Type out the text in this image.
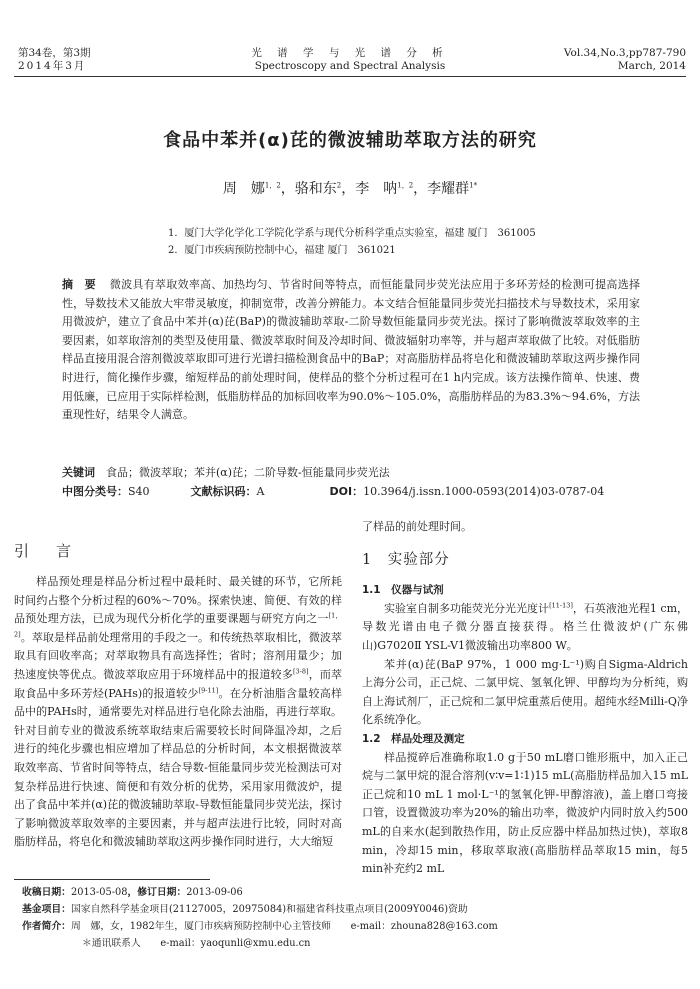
第34卷，第3期
2014年3月
光 谱 学 与 光 谱 分 析
Spectroscopy and Spectral Analysis
Vol.34,No.3,pp787-790
March, 2014
食品中苯并(α)芘的微波辅助萃取方法的研究
周　娜$^{1,2}$，骆和东$^2$，李　呐$^{1,2}$，李耀群$^{1*}$
1．厦门大学化学化工学院化学系与现代分析科学重点实验室，福建 厦门　361005
2．厦门市疾病预防控制中心，福建 厦门　361021
摘　要 微波具有萃取效率高、加热均匀、节省时间等特点，而恒能量同步荧光法应用于多环芳烃的检测可提高选择性，导数技术又能放大牢带灵敏度，抑制宽带，改善分辨能力。本文结合恒能量同步荧光扫描技术与导数技术，采用家用微波炉，建立了食品中苯并(α)芘(BaP)的微波辅助萃取-二阶导数恒能量同步荧光法。探讨了影响微波萃取效率的主要因素，如萃取溶剂的类型及使用量、微波萃取时间及冷却时间、微波辐射功率等，并与超声萃取做了比较。对低脂肪样品直接用混合溶剂微波萃取即可进行光谱扫描检测食品中的BaP；对高脂肪样品将皂化和微波辅助萃取这两步操作同时进行，简化操作步骤，缩短样品的前处理时间，使样品的整个分析过程可在1 h内完成。该方法操作简单、快速、费用低廉，已应用于实际样检测，低脂肪样品的加标回收率为90.0%～105.0%，高脂肪样品的为83.3%～94.6%，方法重现性好，结果令人满意。
关键词　 食品；微波萃取；苯并(α)芘；二阶导数-恒能量同步荧光法
中图分类号：S40	文献标识码：A	DOI：10.3964/j.issn.1000-0593(2014)03-0787-04
引　言

样品预处理是样品分析过程中最耗时、最关键的环节，它所耗时间约占整个分析过程的60%～70%。探索快速、简便、有效的样品预处理方法，已成为现代分析化学的重要课题与研究方向之一[1，2]。萃取是样品前处理常用的手段之一。和传统热萃取相比，微波萃取具有回收率高；对萃取物具有高选择性；省时；溶剂用量少；加热速度快等优点。微波萃取应用于环境样品中的报道较多[3-8]，而萃取食品中多环芳烃(PAHs)的报道较少[9-11]。在分析油脂含量较高样品中的PAHs时，通常要先对样品进行皂化除去油脂，再进行萃取。针对目前专业的微波系统萃取结束后需要较长时间降温冷却，之后进行的纯化步骤也相应增加了样品总的分析时间，本文根据微波萃取效率高、节省时间等特点，结合导数-恒能量同步荧光检测法可对复杂样品进行快速、简便和有效分析的优势，采用家用微波炉，提出了食品中苯并(α)芘的微波辅助萃取-导数恒能量同步荧光法，探讨了影响微波萃取效率的主要因素，并与超声法进行比较，同时对高脂肪样品，将皂化和微波辅助萃取这两步操作同时进行，大大缩短

了样品的前处理时间。

1　实验部分
1.1　仪器与试剂

实验室自制多功能荧光分光光度计[11-13]，石英液池光程1 cm，导数光谱由电子微分器直接获得。格兰仕微波炉(广东佛山)G7020Ⅱ YSL-V1微波输出功率800 W。

苯并(α)芘(BaP 97%，1 000 mg·L⁻¹)购自Sigma-Aldrich上海分公司，正己烷、二氯甲烷、氢氧化钾、甲醇均为分析纯，购自上海试剂厂，正己烷和二氯甲烷重蒸后使用。超纯水经Milli-Q净化系统净化。

1.2　样品处理及测定

样品搅碎后准确称取1.0 g于50 mL磨口锥形瓶中，加入正己烷与二氯甲烷的混合溶剂(v∶v=1∶1)15 mL(高脂肪样品加入15 mL正己烷和10 mL 1 mol·L⁻¹的氢氧化钾-甲醇溶液)，盖上磨口弯接口管，设置微波功率为20%的输出功率，微波炉内同时放入约500 mL的自来水(起到散热作用，防止反应器中样品加热过快)，萃取8 min，冷却15 min，移取萃取液(高脂肪样品萃取15 min，每5 min补充约2 mL

收稿日期：2013-05-08，修订日期：2013-09-06
基金项目：国家自然科学基金项目(21127005，20975084)和福建省科技重点项目(2009Y0046)资助
作者简介：周　娜，女，1982年生，厦门市疾病预防控制中心主管技师　　e-mail：zhouna828@163.com
＊通讯联系人　　e-mail：yaoqunli@xmu.edu.cn
